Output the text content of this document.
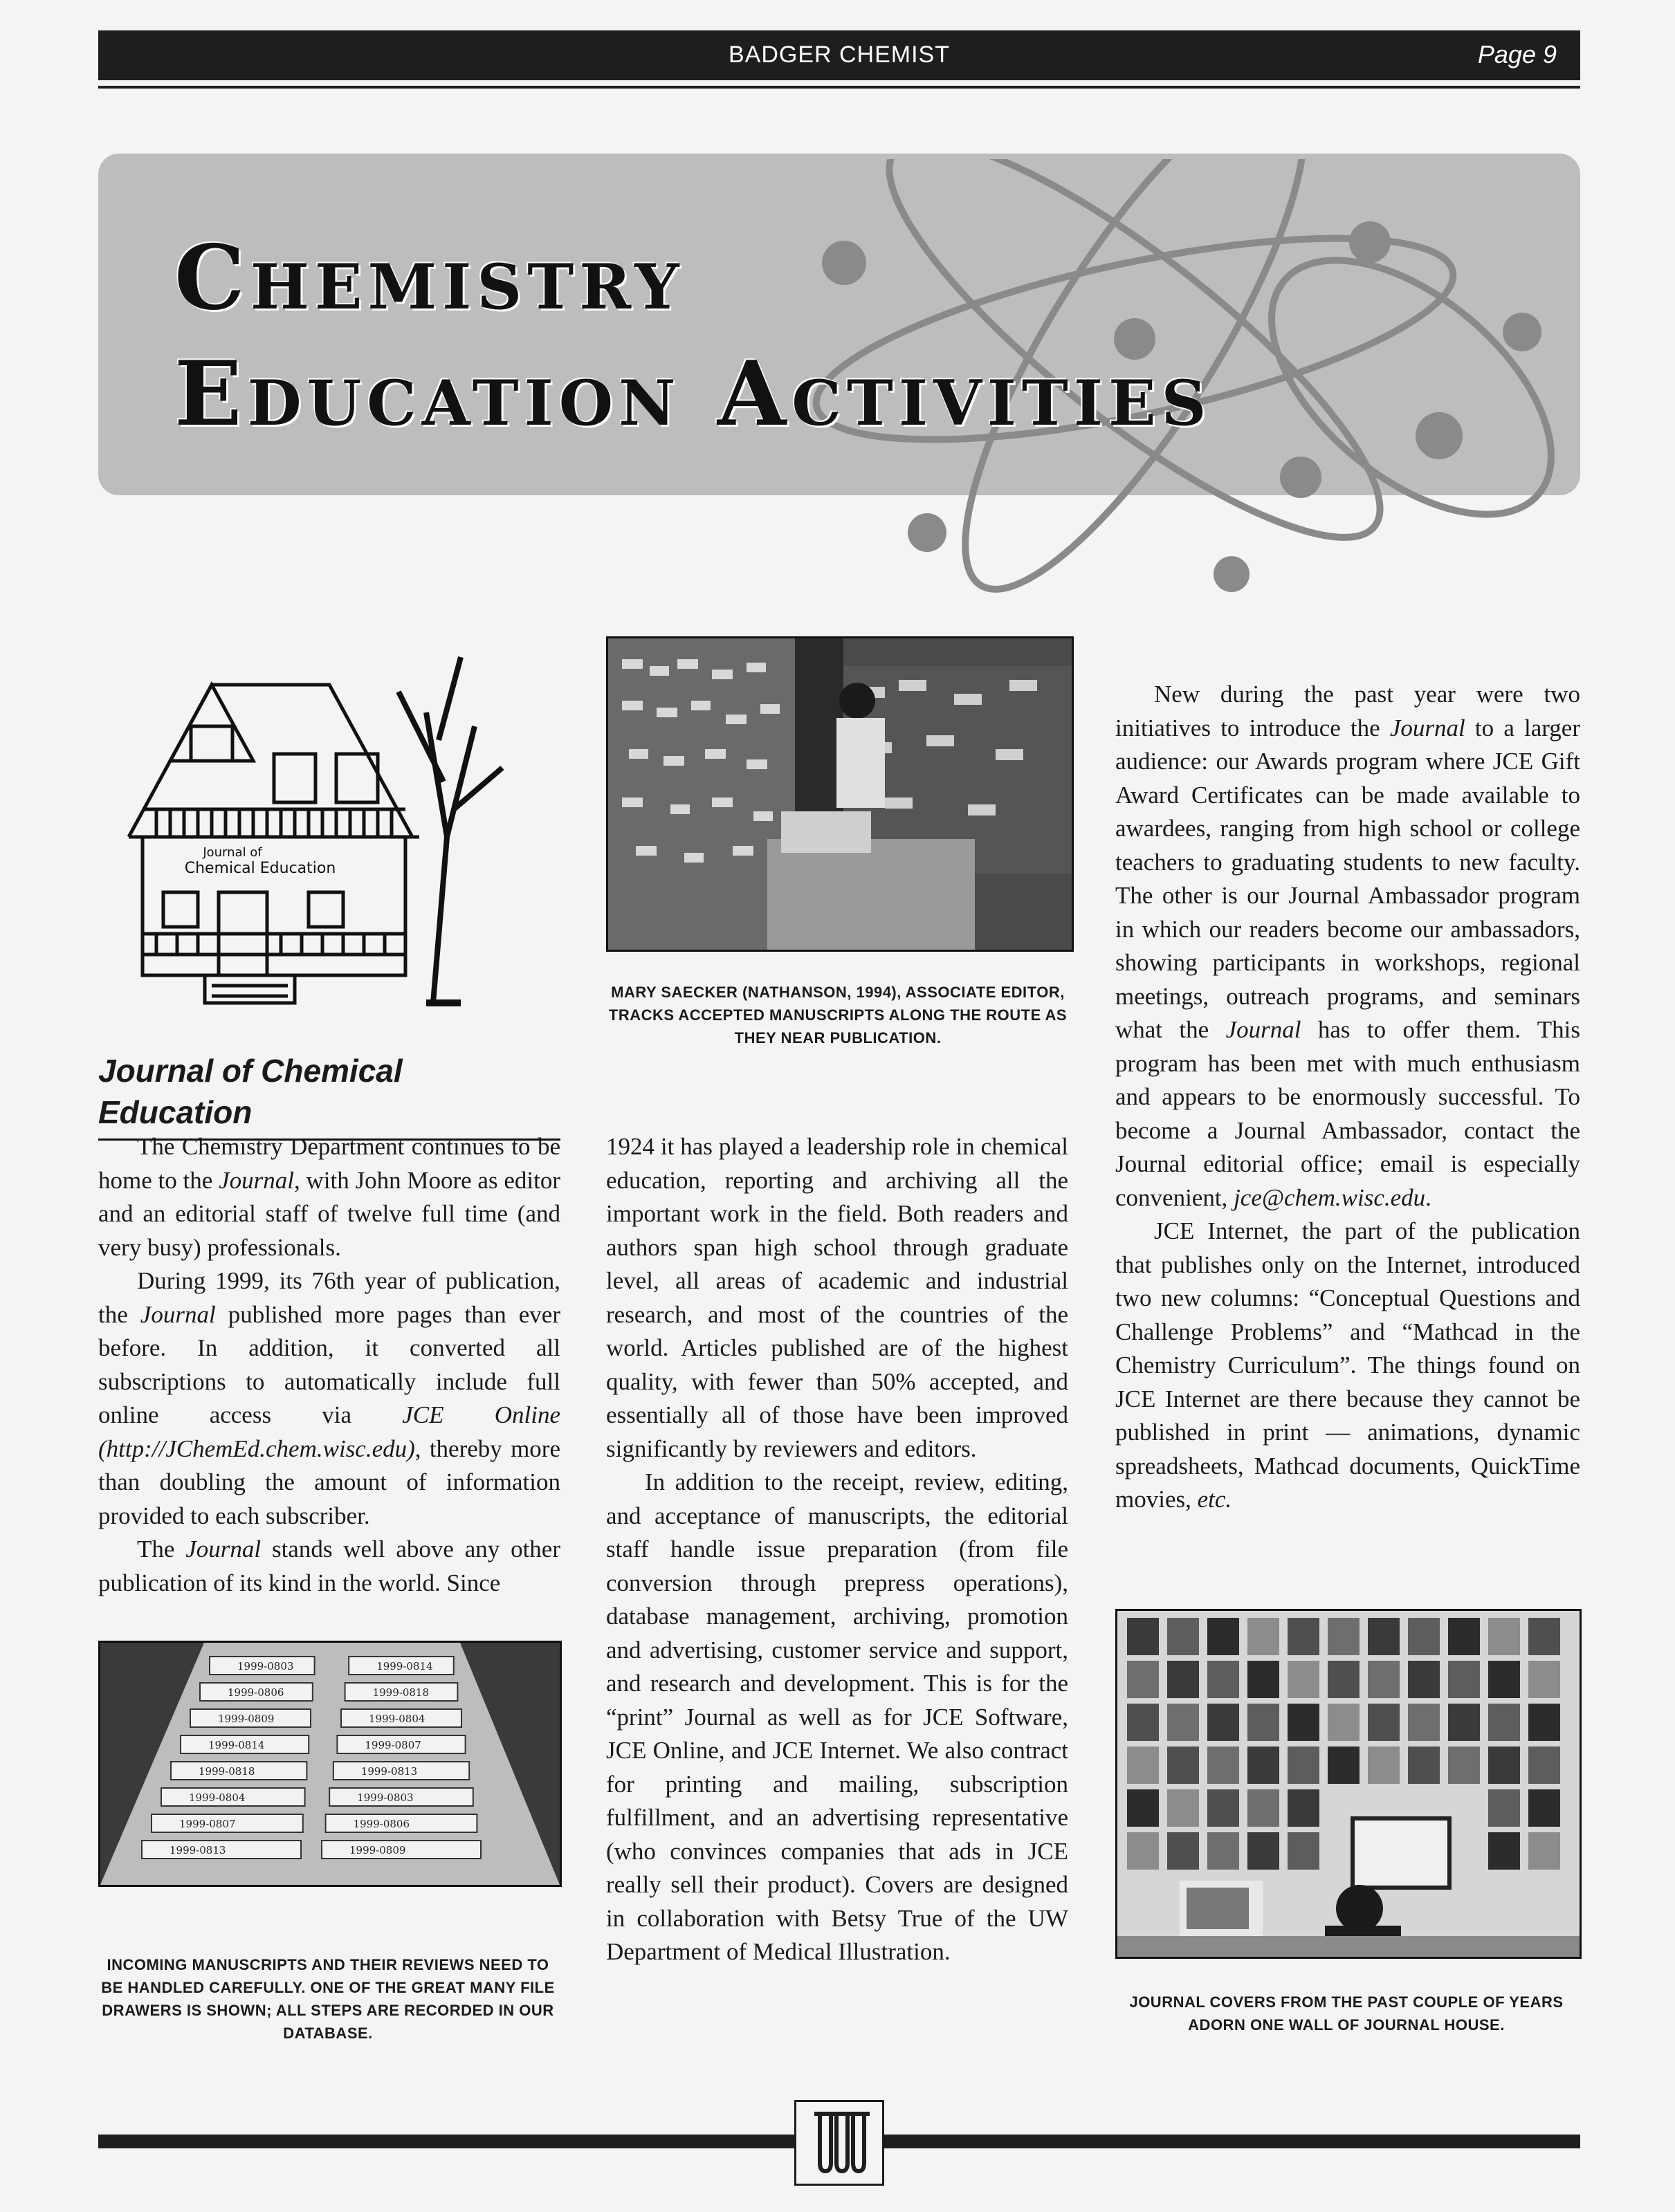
BADGER CHEMIST	Page 9
Chemistry
Education Activities
Journal of
Chemical Education
Journal of Chemical Education
MARY SAECKER (NATHANSON, 1994), ASSOCIATE EDITOR, TRACKS ACCEPTED MANUSCRIPTS ALONG THE ROUTE AS THEY NEAR PUBLICATION.

The Chemistry Department continues to be home to the Journal, with John Moore as editor and an editorial staff of twelve full time (and very busy) professionals.

During 1999, its 76th year of publication, the Journal published more pages than ever before. In addition, it converted all subscriptions to automatically include full online access via JCE Online (http://JChemEd.chem.wisc.edu), thereby more than doubling the amount of information provided to each subscriber.

The Journal stands well above any other publication of its kind in the world. Since

1999-0803	1999-0814
1999-0806	1999-0818
1999-0809	1999-0804
1999-0814	1999-0807
1999-0818	1999-0813
1999-0804	1999-0803
1999-0807	1999-0806
1999-0813	1999-0809
INCOMING MANUSCRIPTS AND THEIR REVIEWS NEED TO BE HANDLED CAREFULLY. ONE OF THE GREAT MANY FILE DRAWERS IS SHOWN; ALL STEPS ARE RECORDED IN OUR DATABASE.

1924 it has played a leadership role in chemical education, reporting and archiving all the important work in the field. Both readers and authors span high school through graduate level, all areas of academic and industrial research, and most of the countries of the world. Articles published are of the highest quality, with fewer than 50% accepted, and essentially all of those have been improved significantly by reviewers and editors.

In addition to the receipt, review, editing, and acceptance of manuscripts, the editorial staff handle issue preparation (from file conversion through prepress operations), database management, archiving, promotion and advertising, customer service and support, and research and development. This is for the “print” Journal as well as for JCE Software, JCE Online, and JCE Internet. We also contract for printing and mailing, subscription fulfillment, and an advertising representative (who convinces companies that ads in JCE really sell their product). Covers are designed in collaboration with Betsy True of the UW Department of Medical Illustration.

New during the past year were two initiatives to introduce the Journal to a larger audience: our Awards program where JCE Gift Award Certificates can be made available to awardees, ranging from high school or college teachers to graduating students to new faculty. The other is our Journal Ambassador program in which our readers become our ambassadors, showing participants in workshops, regional meetings, outreach programs, and seminars what the Journal has to offer them. This program has been met with much enthusiasm and appears to be enormously successful. To become a Journal Ambassador, contact the Journal editorial office; email is especially convenient, jce@chem.wisc.edu.

JCE Internet, the part of the publication that publishes only on the Internet, introduced two new columns: “Conceptual Questions and Challenge Problems” and “Mathcad in the Chemistry Curriculum”. The things found on JCE Internet are there because they cannot be published in print — animations, dynamic spreadsheets, Mathcad documents, QuickTime movies, etc.

JOURNAL COVERS FROM THE PAST COUPLE OF YEARS ADORN ONE WALL OF JOURNAL HOUSE.
